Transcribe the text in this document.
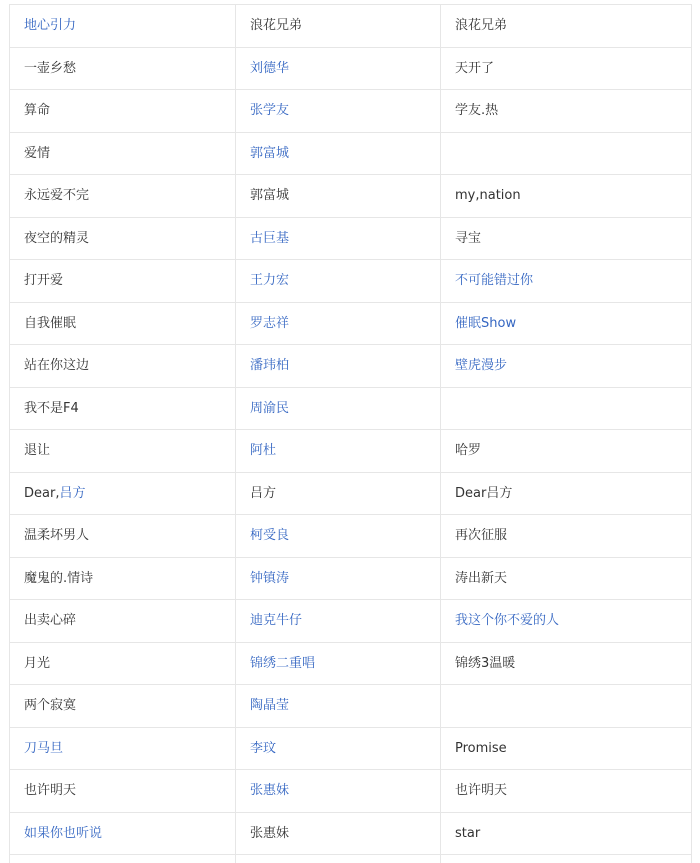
地心引力	浪花兄弟	浪花兄弟
一壶乡愁	刘德华	天开了
算命	张学友	学友.热
爱情	郭富城	
永远爱不完	郭富城	my,nation
夜空的精灵	古巨基	寻宝
打开爱	王力宏	不可能错过你
自我催眠	罗志祥	催眠Show
站在你这边	潘玮柏	壁虎漫步
我不是F4	周渝民	
退让	阿杜	哈罗
Dear,吕方	吕方	Dear吕方
温柔坏男人	柯受良	再次征服
魔鬼的.情诗	钟镇涛	涛出新天
出卖心碎	迪克牛仔	我这个你不爱的人
月光	锦绣二重唱	锦绣3温暖
两个寂寞	陶晶莹	
刀马旦	李玟	Promise
也许明天	张惠妹	也许明天
如果你也听说	张惠妹	star
